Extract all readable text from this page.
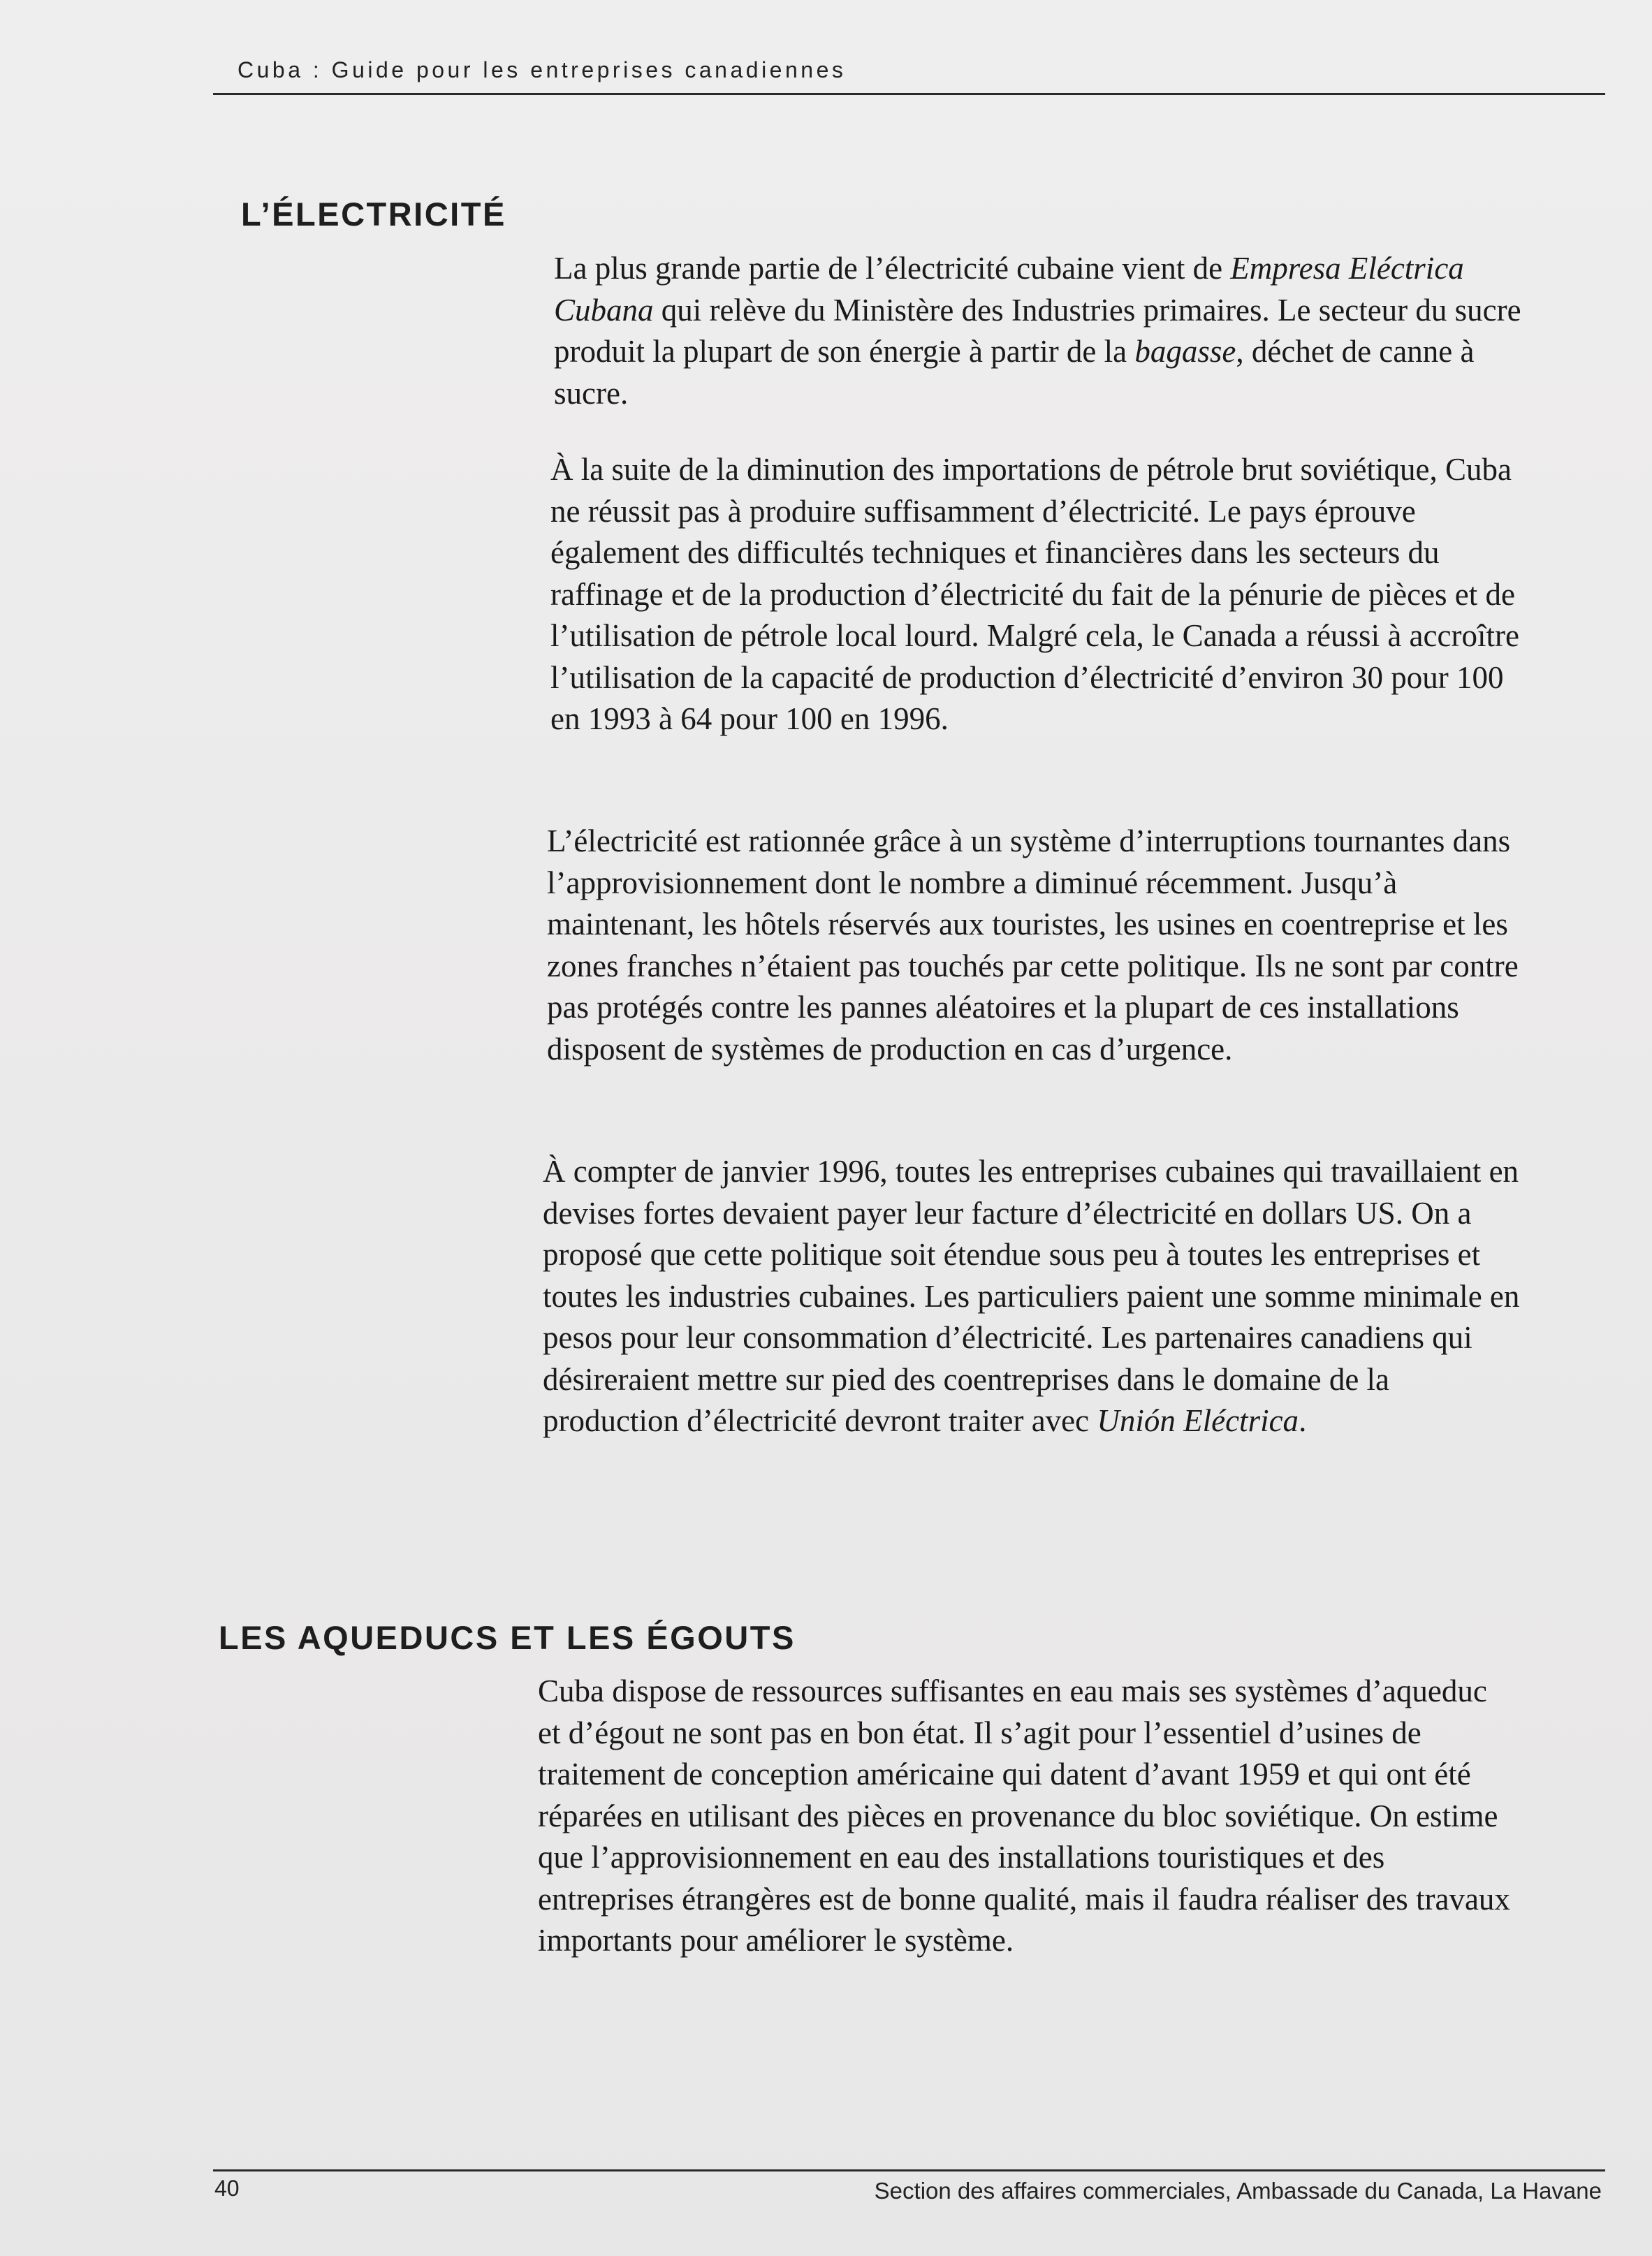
Cuba : Guide pour les entreprises canadiennes
L’ÉLECTRICITÉ

La plus grande partie de l’électricité cubaine vient de Empresa Eléctrica Cubana qui relève du Ministère des Industries primaires. Le secteur du sucre produit la plupart de son énergie à partir de la bagasse, déchet de canne à sucre.

À la suite de la diminution des importations de pétrole brut soviétique, Cuba ne réussit pas à produire suffisamment d’électricité. Le pays éprouve également des difficultés techniques et financières dans les secteurs du raffinage et de la production d’électricité du fait de la pénurie de pièces et de l’utilisation de pétrole local lourd. Malgré cela, le Canada a réussi à accroître l’utilisation de la capacité de production d’électricité d’environ 30 pour 100 en 1993 à 64 pour 100 en 1996.

L’électricité est rationnée grâce à un système d’interruptions tournantes dans l’approvisionnement dont le nombre a diminué récemment. Jusqu’à maintenant, les hôtels réservés aux touristes, les usines en coentreprise et les zones franches n’étaient pas touchés par cette politique. Ils ne sont par contre pas protégés contre les pannes aléatoires et la plupart de ces installations disposent de systèmes de production en cas d’urgence.

À compter de janvier 1996, toutes les entreprises cubaines qui travaillaient en devises fortes devaient payer leur facture d’électricité en dollars US. On a proposé que cette politique soit étendue sous peu à toutes les entreprises et toutes les industries cubaines. Les particuliers paient une somme minimale en pesos pour leur consommation d’électricité. Les partenaires canadiens qui désireraient mettre sur pied des coentreprises dans le domaine de la production d’électricité devront traiter avec Unión Eléctrica.

LES AQUEDUCS ET LES ÉGOUTS

Cuba dispose de ressources suffisantes en eau mais ses systèmes d’aqueduc et d’égout ne sont pas en bon état. Il s’agit pour l’essentiel d’usines de traitement de conception américaine qui datent d’avant 1959 et qui ont été réparées en utilisant des pièces en provenance du bloc soviétique. On estime que l’approvisionnement en eau des installations touristiques et des entreprises étrangères est de bonne qualité, mais il faudra réaliser des travaux importants pour améliorer le système.

40	Section des affaires commerciales, Ambassade du Canada, La Havane
